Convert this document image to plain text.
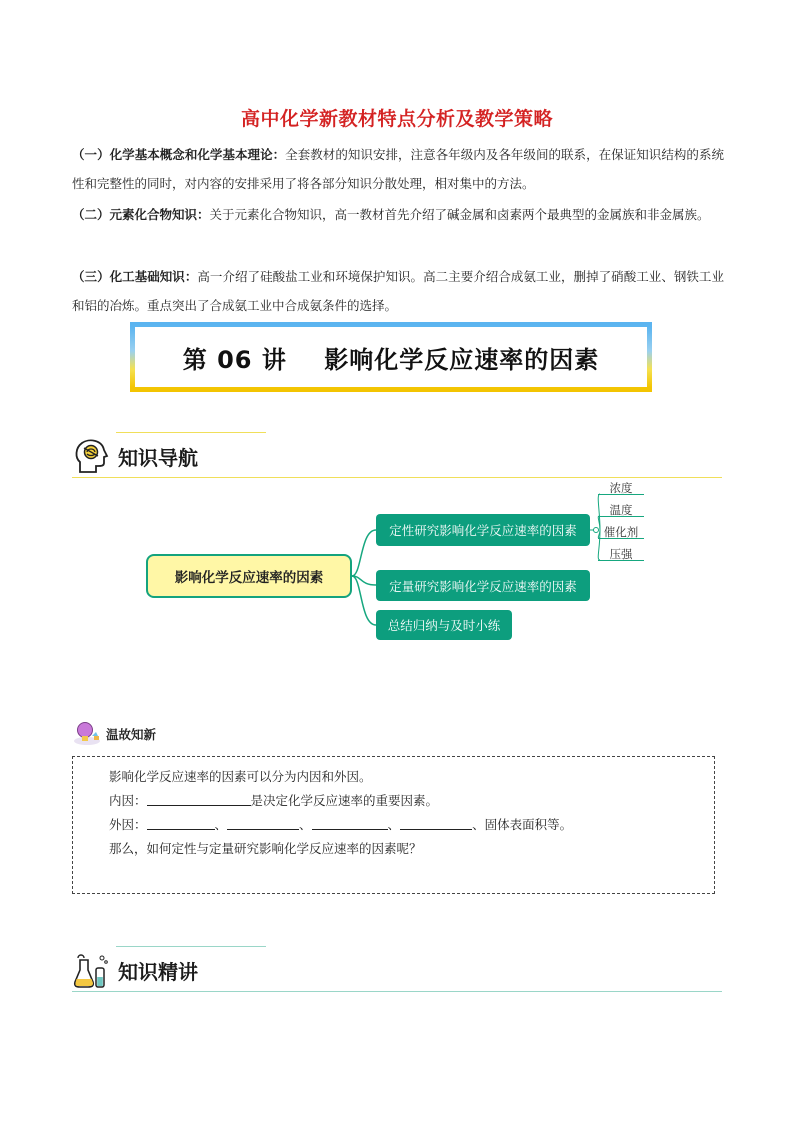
高中化学新教材特点分析及教学策略
（一）化学基本概念和化学基本理论：全套教材的知识安排，注意各年级内及各年级间的联系，在保证知识结构的系统性和完整性的同时，对内容的安排采用了将各部分知识分散处理，相对集中的方法。
（二）元素化合物知识：关于元素化合物知识，高一教材首先介绍了碱金属和卤素两个最典型的金属族和非金属族。
（三）化工基础知识：高一介绍了硅酸盐工业和环境保护知识。高二主要介绍合成氨工业，删掉了硝酸工业、钢铁工业和铝的冶炼。重点突出了合成氨工业中合成氨条件的选择。
第 06 讲    影响化学反应速率的因素
知识导航
影响化学反应速率的因素
定性研究影响化学反应速率的因素
定量研究影响化学反应速率的因素
总结归纳与及时小练
浓度
温度
催化剂
压强
温故知新
影响化学反应速率的因素可以分为内因和外因。
内因：	是决定化学反应速率的重要因素。
外因：	、	、	、	、固体表面积等。
那么，如何定性与定量研究影响化学反应速率的因素呢？
知识精讲
